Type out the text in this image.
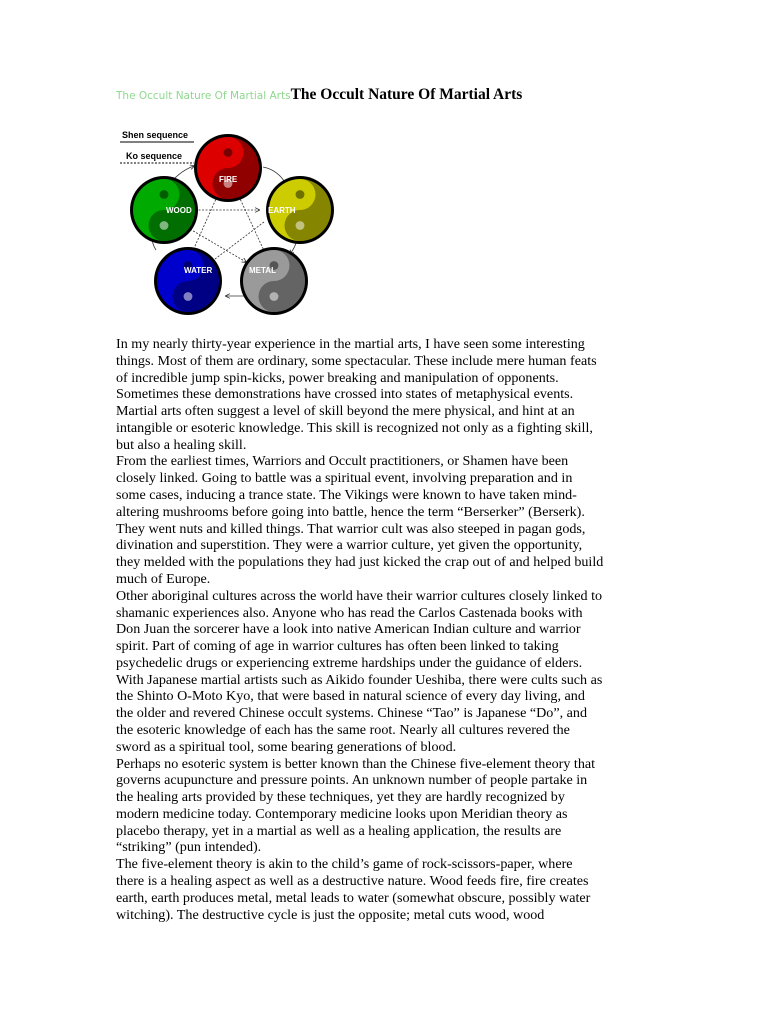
The Occult Nature Of Martial ArtsThe Occult Nature Of Martial Arts
Shen sequence
Ko sequence
FIRE
EARTH
WOOD
WATER	METAL

In my nearly thirty-year experience in the martial arts, I have seen some interesting

things. Most of them are ordinary, some spectacular. These include mere human feats

of incredible jump spin-kicks, power breaking and manipulation of opponents.

Sometimes these demonstrations have crossed into states of metaphysical events.

Martial arts often suggest a level of skill beyond the mere physical, and hint at an

intangible or esoteric knowledge. This skill is recognized not only as a fighting skill,

but also a healing skill.

From the earliest times, Warriors and Occult practitioners, or Shamen have been

closely linked. Going to battle was a spiritual event, involving preparation and in

some cases, inducing a trance state. The Vikings were known to have taken mind-

altering mushrooms before going into battle, hence the term “Berserker” (Berserk).

They went nuts and killed things. That warrior cult was also steeped in pagan gods,

divination and superstition. They were a warrior culture, yet given the opportunity,

they melded with the populations they had just kicked the crap out of and helped build

much of Europe.

Other aboriginal cultures across the world have their warrior cultures closely linked to

shamanic experiences also. Anyone who has read the Carlos Castenada books with

Don Juan the sorcerer have a look into native American Indian culture and warrior

spirit. Part of coming of age in warrior cultures has often been linked to taking

psychedelic drugs or experiencing extreme hardships under the guidance of elders.

With Japanese martial artists such as Aikido founder Ueshiba, there were cults such as

the Shinto O-Moto Kyo, that were based in natural science of every day living, and

the older and revered Chinese occult systems. Chinese “Tao” is Japanese “Do”, and

the esoteric knowledge of each has the same root. Nearly all cultures revered the

sword as a spiritual tool, some bearing generations of blood.

Perhaps no esoteric system is better known than the Chinese five-element theory that

governs acupuncture and pressure points. An unknown number of people partake in

the healing arts provided by these techniques, yet they are hardly recognized by

modern medicine today. Contemporary medicine looks upon Meridian theory as

placebo therapy, yet in a martial as well as a healing application, the results are

“striking” (pun intended).

The five-element theory is akin to the child’s game of rock-scissors-paper, where

there is a healing aspect as well as a destructive nature. Wood feeds fire, fire creates

earth, earth produces metal, metal leads to water (somewhat obscure, possibly water

witching). The destructive cycle is just the opposite; metal cuts wood, wood
